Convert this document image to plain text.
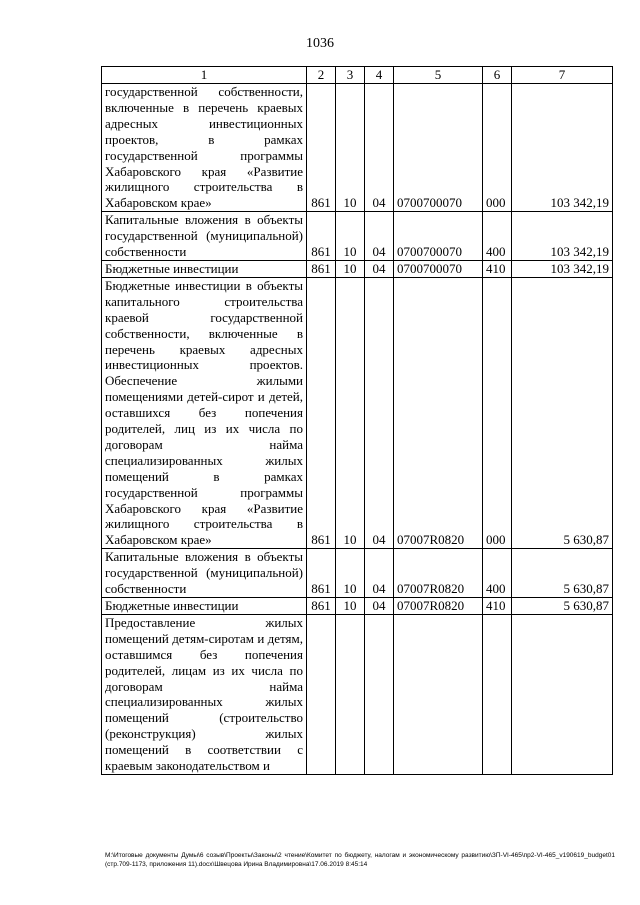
1036
1	2	3	4	5	6	7
государственной собственности, включенные в перечень краевых адресных инвестиционных проектов, в рамках государственной программы Хабаровского края «Развитие жилищного строительства в Хабаровском крае»	861	10	04	0700700070	000	103 342,19
Капитальные вложения в объекты государственной (муниципальной) собственности	861	10	04	0700700070	400	103 342,19
Бюджетные инвестиции	861	10	04	0700700070	410	103 342,19
Бюджетные инвестиции в объекты капитального строительства краевой государственной собственности, включенные в перечень краевых адресных инвестиционных проектов. Обеспечение жилыми помещениями детей-сирот и детей, оставшихся без попечения родителей, лиц из их числа по договорам найма специализированных жилых помещений в рамках государственной программы Хабаровского края «Развитие жилищного строительства в Хабаровском крае»	861	10	04	07007R0820	000	5 630,87
Капитальные вложения в объекты государственной (муниципальной) собственности	861	10	04	07007R0820	400	5 630,87
Бюджетные инвестиции	861	10	04	07007R0820	410	5 630,87
Предоставление жилых помещений детям-сиротам и детям, оставшимся без попечения родителей, лицам из их числа по договорам найма специализированных жилых помещений (строительство (реконструкция) жилых помещений в соответствии с краевым законодательством и						
M:\Итоговые документы Думы\6 созыв\Проекты\Законы\2 чтение\Комитет по бюджету, налогам и экономическому развитию\ЗП-VI-465\пр2-VI-465_v190619_budget01 (стр.709-1173, приложения 11).docx\Швецова Ирина Владимировна\17.06.2019 8:45:14
